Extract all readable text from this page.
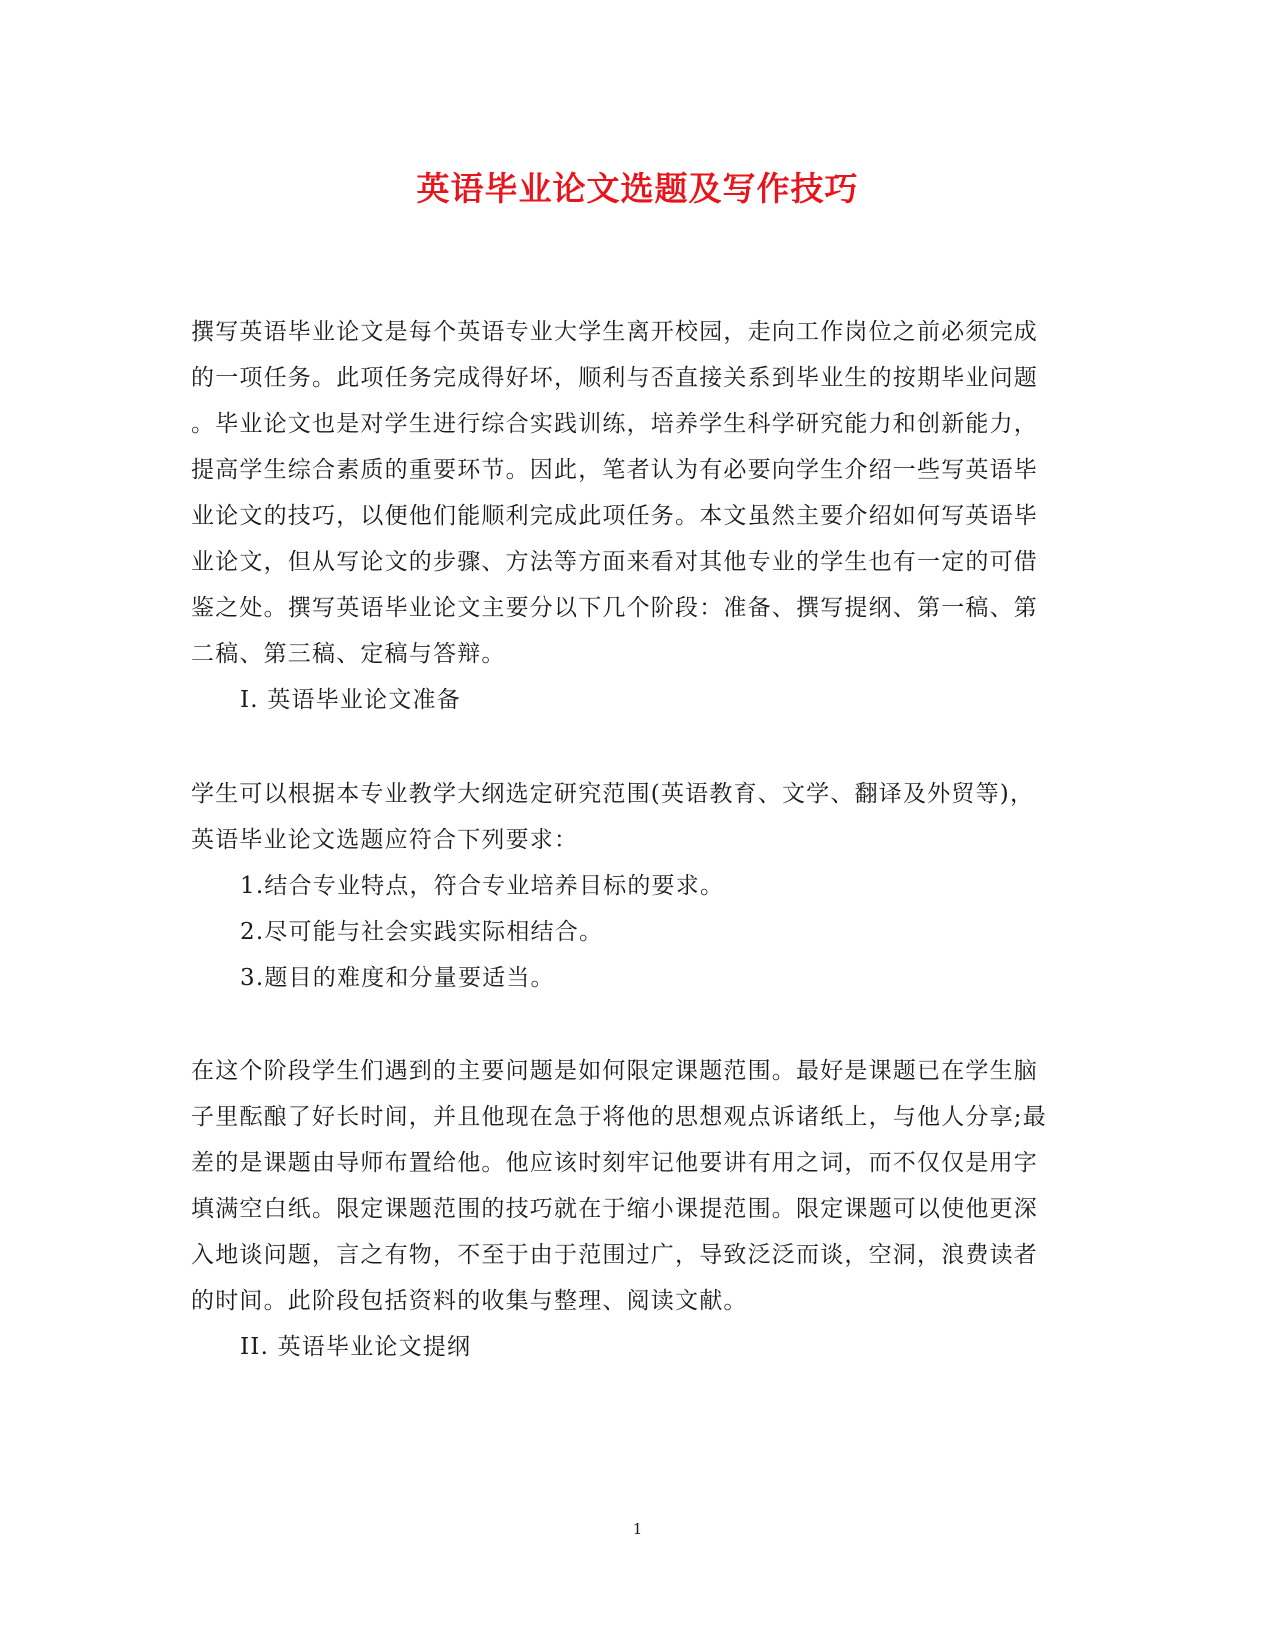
英语毕业论文选题及写作技巧
撰写英语毕业论文是每个英语专业大学生离开校园，走向工作岗位之前必须完成
的一项任务。此项任务完成得好坏，顺利与否直接关系到毕业生的按期毕业问题
。毕业论文也是对学生进行综合实践训练，培养学生科学研究能力和创新能力，
提高学生综合素质的重要环节。因此，笔者认为有必要向学生介绍一些写英语毕
业论文的技巧，以便他们能顺利完成此项任务。本文虽然主要介绍如何写英语毕
业论文，但从写论文的步骤、方法等方面来看对其他专业的学生也有一定的可借
鉴之处。撰写英语毕业论文主要分以下几个阶段：准备、撰写提纲、第一稿、第
二稿、第三稿、定稿与答辩。
I. 英语毕业论文准备
学生可以根据本专业教学大纲选定研究范围(英语教育、文学、翻译及外贸等)，
英语毕业论文选题应符合下列要求：
1.结合专业特点，符合专业培养目标的要求。
2.尽可能与社会实践实际相结合。
3.题目的难度和分量要适当。
在这个阶段学生们遇到的主要问题是如何限定课题范围。最好是课题已在学生脑
子里酝酿了好长时间，并且他现在急于将他的思想观点诉诸纸上，与他人分享;最
差的是课题由导师布置给他。他应该时刻牢记他要讲有用之词，而不仅仅是用字
填满空白纸。限定课题范围的技巧就在于缩小课提范围。限定课题可以使他更深
入地谈问题，言之有物，不至于由于范围过广，导致泛泛而谈，空洞，浪费读者
的时间。此阶段包括资料的收集与整理、阅读文献。
II. 英语毕业论文提纲
1
